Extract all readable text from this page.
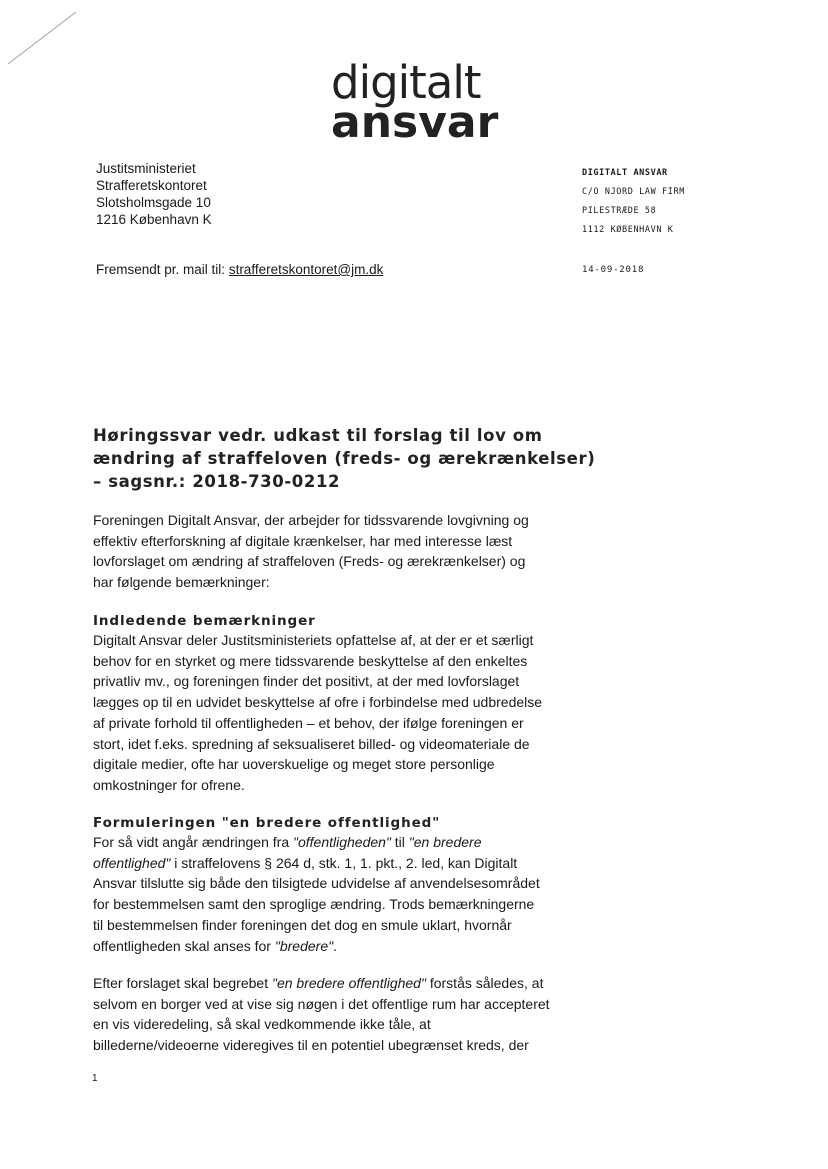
digitalt
ansvar
Justitsministeriet
Strafferetskontoret
Slotsholmsgade 10
1216 København K
DIGITALT ANSVAR
C/O NJORD LAW FIRM
PILESTRÆDE 58
1112 KØBENHAVN K
Fremsendt pr. mail til: strafferetskontoret@jm.dk	14-09-2018
Høringssvar vedr. udkast til forslag til lov om
ændring af straffeloven (freds- og ærekrænkelser)
– sagsnr.: 2018-730-0212
Foreningen Digitalt Ansvar, der arbejder for tidssvarende lovgivning og
effektiv efterforskning af digitale krænkelser, har med interesse læst
lovforslaget om ændring af straffeloven (Freds- og ærekrænkelser) og
har følgende bemærkninger:
Indledende bemærkninger
Digitalt Ansvar deler Justitsministeriets opfattelse af, at der er et særligt
behov for en styrket og mere tidssvarende beskyttelse af den enkeltes
privatliv mv., og foreningen finder det positivt, at der med lovforslaget
lægges op til en udvidet beskyttelse af ofre i forbindelse med udbredelse
af private forhold til offentligheden – et behov, der ifølge foreningen er
stort, idet f.eks. spredning af seksualiseret billed- og videomateriale de
digitale medier, ofte har uoverskuelige og meget store personlige
omkostninger for ofrene.
Formuleringen "en bredere offentlighed"
For så vidt angår ændringen fra "offentligheden" til "en bredere
offentlighed" i straffelovens § 264 d, stk. 1, 1. pkt., 2. led, kan Digitalt
Ansvar tilslutte sig både den tilsigtede udvidelse af anvendelsesområdet
for bestemmelsen samt den sproglige ændring. Trods bemærkningerne
til bestemmelsen finder foreningen det dog en smule uklart, hvornår
offentligheden skal anses for "bredere".
Efter forslaget skal begrebet "en bredere offentlighed" forstås således, at
selvom en borger ved at vise sig nøgen i det offentlige rum har accepteret
en vis videredeling, så skal vedkommende ikke tåle, at
billederne/videoerne videregives til en potentiel ubegrænset kreds, der
1
